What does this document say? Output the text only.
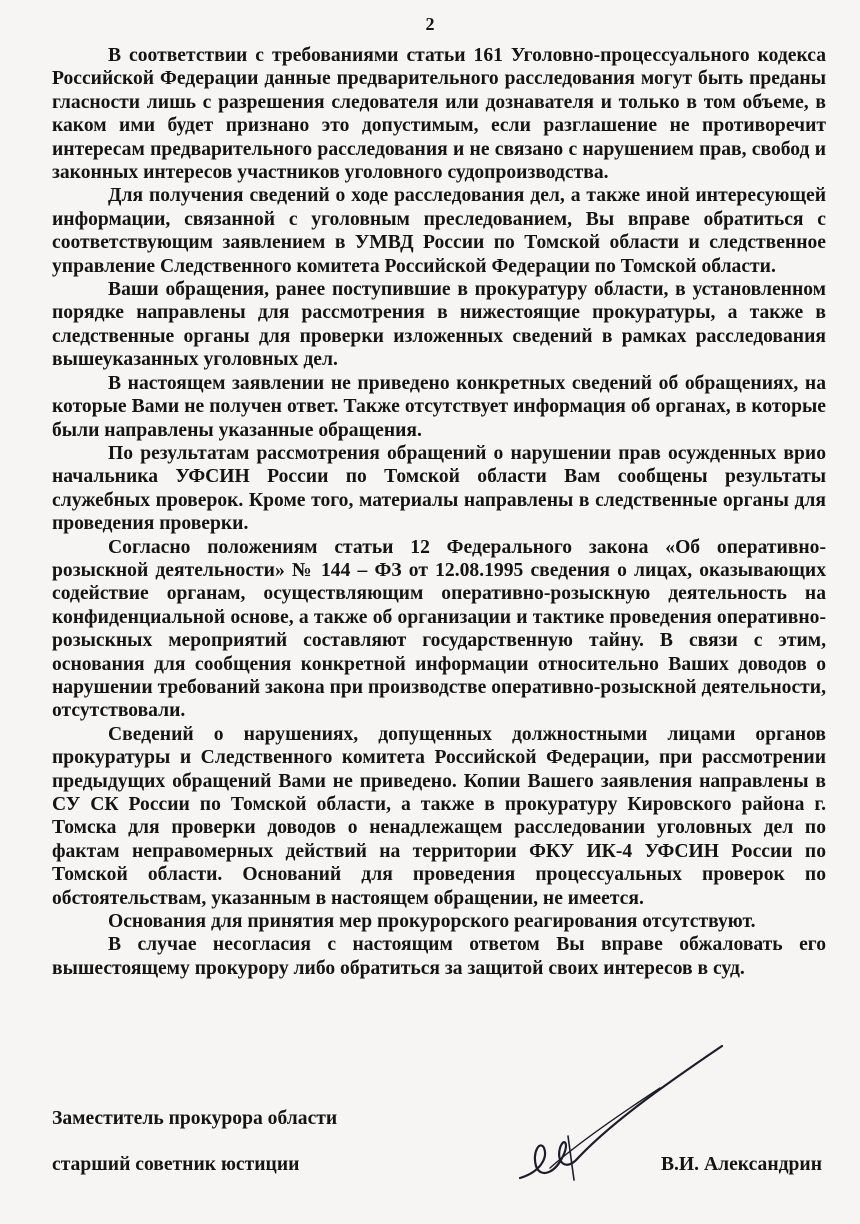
2

В соответствии с требованиями статьи 161 Уголовно-процессуального кодекса Российской Федерации данные предварительного расследования могут быть преданы гласности лишь с разрешения следователя или дознавателя и только в том объеме, в каком ими будет признано это допустимым, если разглашение не противоречит интересам предварительного расследования и не связано с нарушением прав, свобод и законных интересов участников уголовного судопроизводства.

Для получения сведений о ходе расследования дел, а также иной интересующей информации, связанной с уголовным преследованием, Вы вправе обратиться с соответствующим заявлением в УМВД России по Томской области и следственное управление Следственного комитета Российской Федерации по Томской области.

Ваши обращения, ранее поступившие в прокуратуру области, в установленном порядке направлены для рассмотрения в нижестоящие прокуратуры, а также в следственные органы для проверки изложенных сведений в рамках расследования вышеуказанных уголовных дел.

В настоящем заявлении не приведено конкретных сведений об обращениях, на которые Вами не получен ответ. Также отсутствует информация об органах, в которые были направлены указанные обращения.

По результатам рассмотрения обращений о нарушении прав осужденных врио начальника УФСИН России по Томской области Вам сообщены результаты служебных проверок. Кроме того, материалы направлены в следственные органы для проведения проверки.

Согласно положениям статьи 12 Федерального закона «Об оперативно-розыскной деятельности» № 144 – ФЗ от 12.08.1995 сведения о лицах, оказывающих содействие органам, осуществляющим оперативно-розыскную деятельность на конфиденциальной основе, а также об организации и тактике проведения оперативно-розыскных мероприятий составляют государственную тайну. В связи с этим, основания для сообщения конкретной информации относительно Ваших доводов о нарушении требований закона при производстве оперативно-розыскной деятельности, отсутствовали.

Сведений о нарушениях, допущенных должностными лицами органов прокуратуры и Следственного комитета Российской Федерации, при рассмотрении предыдущих обращений Вами не приведено. Копии Вашего заявления направлены в СУ СК России по Томской области, а также в прокуратуру Кировского района г. Томска для проверки доводов о ненадлежащем расследовании уголовных дел по фактам неправомерных действий на территории ФКУ ИК-4 УФСИН России по Томской области. Оснований для проведения процессуальных проверок по обстоятельствам, указанным в настоящем обращении, не имеется.

Основания для принятия мер прокурорского реагирования отсутствуют.

В случае несогласия с настоящим ответом Вы вправе обжаловать его вышестоящему прокурору либо обратиться за защитой своих интересов в суд.

Заместитель прокурора области
старший советник юстиции	В.И. Александрин
